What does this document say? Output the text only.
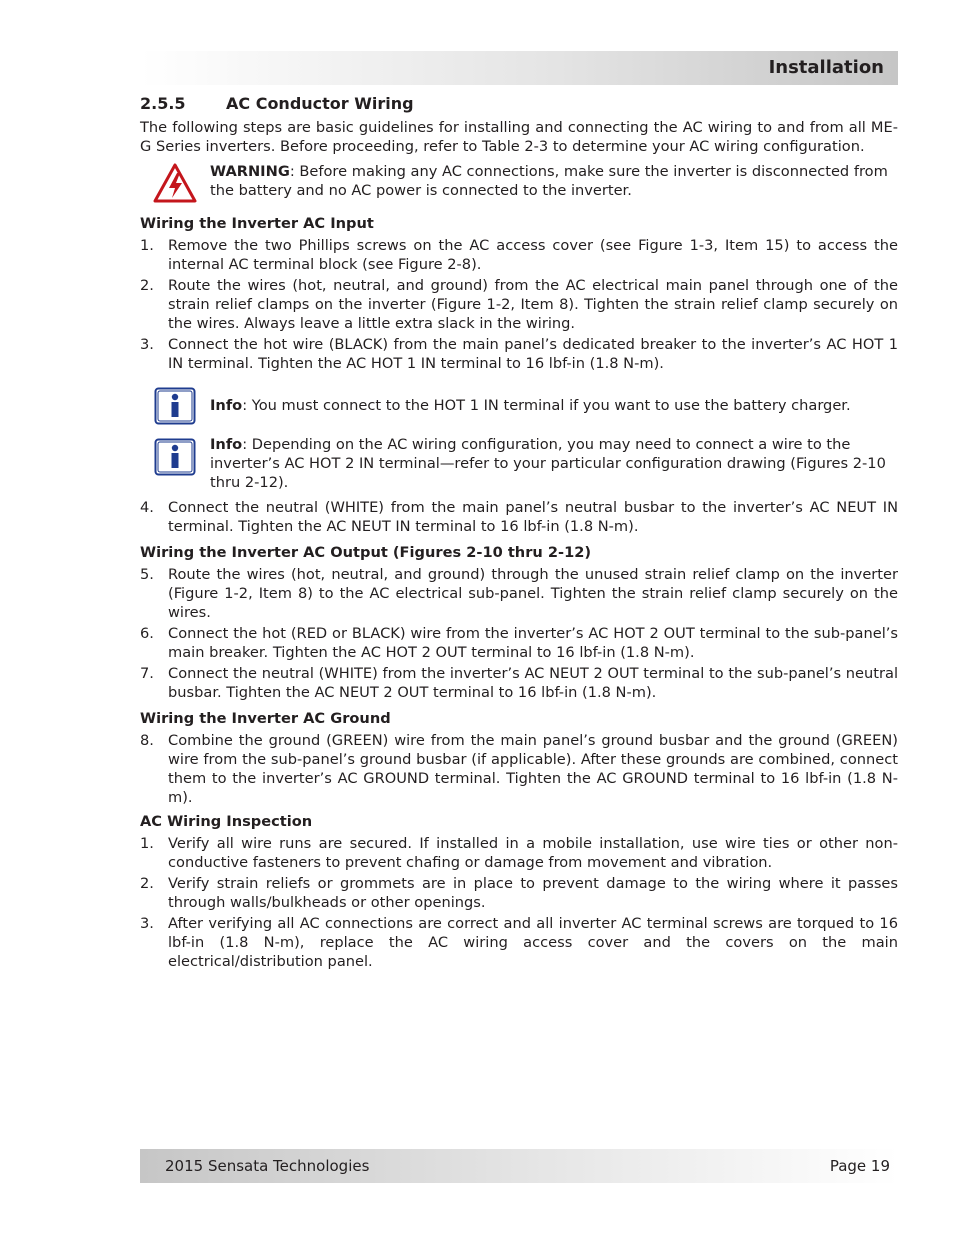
Installation
2.5.5	AC Conductor Wiring

The following steps are basic guidelines for installing and connecting the AC wiring to and from all ME-G Series inverters. Before proceeding, refer to Table 2-3 to determine your AC wiring configuration.

WARNING: Before making any AC connections, make sure the inverter is disconnected from the battery and no AC power is connected to the inverter.
Wiring the Inverter AC Input
1. Remove the two Phillips screws on the AC access cover (see Figure 1-3, Item 15) to access the internal AC terminal block (see Figure 2-8).
2. Route the wires (hot, neutral, and ground) from the AC electrical main panel through one of the strain relief clamps on the inverter (Figure 1-2, Item 8). Tighten the strain relief clamp securely on the wires. Always leave a little extra slack in the wiring.
3. Connect the hot wire (BLACK) from the main panel’s dedicated breaker to the inverter’s AC HOT 1 IN terminal. Tighten the AC HOT 1 IN terminal to 16 lbf-in (1.8 N-m).
Info: You must connect to the HOT 1 IN terminal if you want to use the battery charger.
Info: Depending on the AC wiring configuration, you may need to connect a wire to the inverter’s AC HOT 2 IN terminal—refer to your particular configuration drawing (Figures 2-10 thru 2-12).
4. Connect the neutral (WHITE) from the main panel’s neutral busbar to the inverter’s AC NEUT IN terminal. Tighten the AC NEUT IN terminal to 16 lbf-in (1.8 N-m).
Wiring the Inverter AC Output (Figures 2-10 thru 2-12)
5. Route the wires (hot, neutral, and ground) through the unused strain relief clamp on the inverter (Figure 1-2, Item 8) to the AC electrical sub-panel. Tighten the strain relief clamp securely on the wires.
6. Connect the hot (RED or BLACK) wire from the inverter’s AC HOT 2 OUT terminal to the sub-panel’s main breaker. Tighten the AC HOT 2 OUT terminal to 16 lbf-in (1.8 N-m).
7. Connect the neutral (WHITE) from the inverter’s AC NEUT 2 OUT terminal to the sub-panel’s neutral busbar. Tighten the AC NEUT 2 OUT terminal to 16 lbf-in (1.8 N-m).
Wiring the Inverter AC Ground
8. Combine the ground (GREEN) wire from the main panel’s ground busbar and the ground (GREEN) wire from the sub-panel’s ground busbar (if applicable). After these grounds are combined, connect them to the inverter’s AC GROUND terminal. Tighten the AC GROUND terminal to 16 lbf-in (1.8 N-m).
AC Wiring Inspection
1. Verify all wire runs are secured. If installed in a mobile installation, use wire ties or other non-conductive fasteners to prevent chafing or damage from movement and vibration.
2. Verify strain reliefs or grommets are in place to prevent damage to the wiring where it passes through walls/bulkheads or other openings.
3. After verifying all AC connections are correct and all inverter AC terminal screws are torqued to 16 lbf-in (1.8 N-m), replace the AC wiring access cover and the covers on the main electrical/distribution panel.
2015 Sensata Technologies	Page 19
